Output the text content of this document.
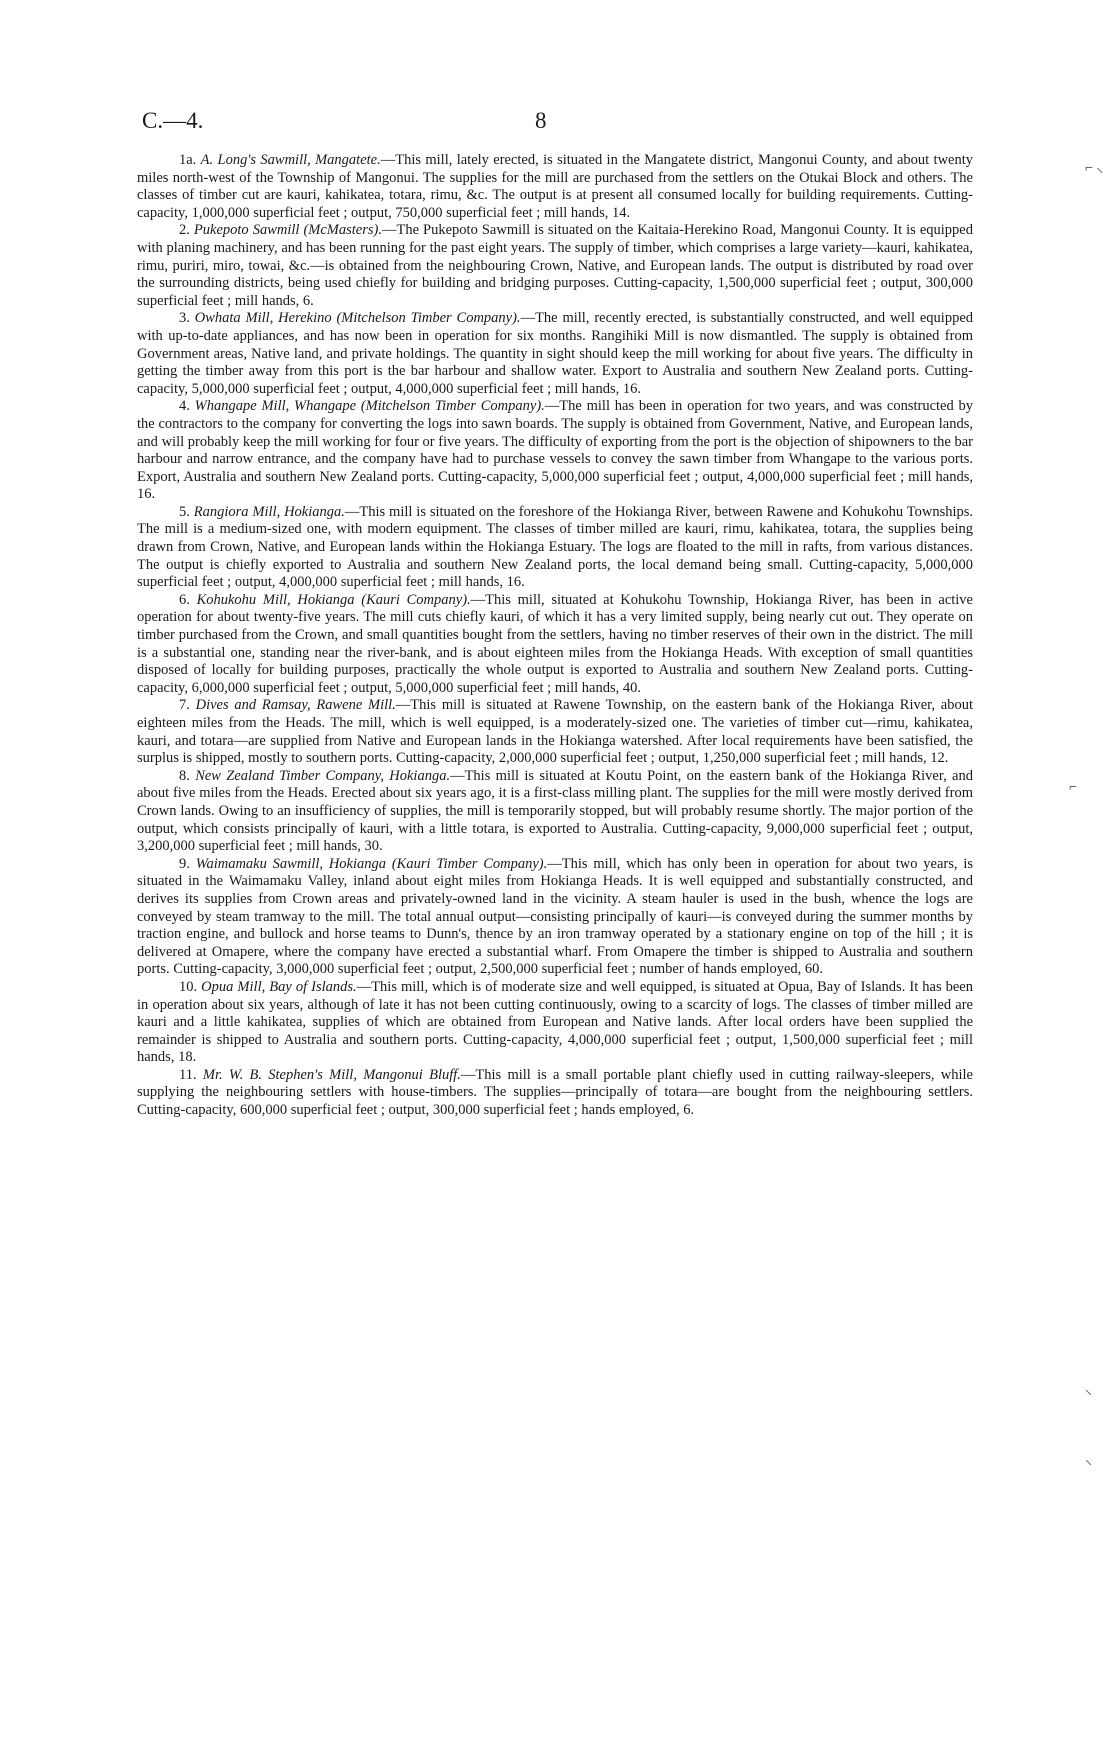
C.—4.	8

1a. A. Long's Sawmill, Mangatete.—This mill, lately erected, is situated in the Mangatete district, Mangonui County, and about twenty miles north-west of the Township of Mangonui. The supplies for the mill are purchased from the settlers on the Otukai Block and others. The classes of timber cut are kauri, kahikatea, totara, rimu, &c. The output is at present all consumed locally for building requirements. Cutting-capacity, 1,000,000 superficial feet ; output, 750,000 superficial feet ; mill hands, 14.

2. Pukepoto Sawmill (McMasters).—The Pukepoto Sawmill is situated on the Kaitaia-Herekino Road, Mangonui County. It is equipped with planing machinery, and has been running for the past eight years. The supply of timber, which comprises a large variety—kauri, kahikatea, rimu, puriri, miro, towai, &c.—is obtained from the neighbouring Crown, Native, and European lands. The output is distributed by road over the surrounding districts, being used chiefly for building and bridging purposes. Cutting-capacity, 1,500,000 superficial feet ; output, 300,000 superficial feet ; mill hands, 6.

3. Owhata Mill, Herekino (Mitchelson Timber Company).—The mill, recently erected, is substantially constructed, and well equipped with up-to-date appliances, and has now been in operation for six months. Rangihiki Mill is now dismantled. The supply is obtained from Government areas, Native land, and private holdings. The quantity in sight should keep the mill working for about five years. The difficulty in getting the timber away from this port is the bar harbour and shallow water. Export to Australia and southern New Zealand ports. Cutting-capacity, 5,000,000 superficial feet ; output, 4,000,000 superficial feet ; mill hands, 16.

4. Whangape Mill, Whangape (Mitchelson Timber Company).—The mill has been in operation for two years, and was constructed by the contractors to the company for converting the logs into sawn boards. The supply is obtained from Government, Native, and European lands, and will probably keep the mill working for four or five years. The difficulty of exporting from the port is the objection of shipowners to the bar harbour and narrow entrance, and the company have had to purchase vessels to convey the sawn timber from Whangape to the various ports. Export, Australia and southern New Zealand ports. Cutting-capacity, 5,000,000 superficial feet ; output, 4,000,000 superficial feet ; mill hands, 16.

5. Rangiora Mill, Hokianga.—This mill is situated on the foreshore of the Hokianga River, between Rawene and Kohukohu Townships. The mill is a medium-sized one, with modern equipment. The classes of timber milled are kauri, rimu, kahikatea, totara, the supplies being drawn from Crown, Native, and European lands within the Hokianga Estuary. The logs are floated to the mill in rafts, from various distances. The output is chiefly exported to Australia and southern New Zealand ports, the local demand being small. Cutting-capacity, 5,000,000 superficial feet ; output, 4,000,000 superficial feet ; mill hands, 16.

6. Kohukohu Mill, Hokianga (Kauri Company).—This mill, situated at Kohukohu Township, Hokianga River, has been in active operation for about twenty-five years. The mill cuts chiefly kauri, of which it has a very limited supply, being nearly cut out. They operate on timber purchased from the Crown, and small quantities bought from the settlers, having no timber reserves of their own in the district. The mill is a substantial one, standing near the river-bank, and is about eighteen miles from the Hokianga Heads. With exception of small quantities disposed of locally for building purposes, practically the whole output is exported to Australia and southern New Zealand ports. Cutting-capacity, 6,000,000 superficial feet ; output, 5,000,000 superficial feet ; mill hands, 40.

7. Dives and Ramsay, Rawene Mill.—This mill is situated at Rawene Township, on the eastern bank of the Hokianga River, about eighteen miles from the Heads. The mill, which is well equipped, is a moderately-sized one. The varieties of timber cut—rimu, kahikatea, kauri, and totara—are supplied from Native and European lands in the Hokianga watershed. After local requirements have been satisfied, the surplus is shipped, mostly to southern ports. Cutting-capacity, 2,000,000 superficial feet ; output, 1,250,000 superficial feet ; mill hands, 12.

8. New Zealand Timber Company, Hokianga.—This mill is situated at Koutu Point, on the eastern bank of the Hokianga River, and about five miles from the Heads. Erected about six years ago, it is a first-class milling plant. The supplies for the mill were mostly derived from Crown lands. Owing to an insufficiency of supplies, the mill is temporarily stopped, but will probably resume shortly. The major portion of the output, which consists principally of kauri, with a little totara, is exported to Australia. Cutting-capacity, 9,000,000 superficial feet ; output, 3,200,000 superficial feet ; mill hands, 30.

9. Waimamaku Sawmill, Hokianga (Kauri Timber Company).—This mill, which has only been in operation for about two years, is situated in the Waimamaku Valley, inland about eight miles from Hokianga Heads. It is well equipped and substantially constructed, and derives its supplies from Crown areas and privately-owned land in the vicinity. A steam hauler is used in the bush, whence the logs are conveyed by steam tramway to the mill. The total annual output—consisting principally of kauri—is conveyed during the summer months by traction engine, and bullock and horse teams to Dunn's, thence by an iron tramway operated by a stationary engine on top of the hill ; it is delivered at Omapere, where the company have erected a substantial wharf. From Omapere the timber is shipped to Australia and southern ports. Cutting-capacity, 3,000,000 superficial feet ; output, 2,500,000 superficial feet ; number of hands employed, 60.

10. Opua Mill, Bay of Islands.—This mill, which is of moderate size and well equipped, is situated at Opua, Bay of Islands. It has been in operation about six years, although of late it has not been cutting continuously, owing to a scarcity of logs. The classes of timber milled are kauri and a little kahikatea, supplies of which are obtained from European and Native lands. After local orders have been supplied the remainder is shipped to Australia and southern ports. Cutting-capacity, 4,000,000 superficial feet ; output, 1,500,000 superficial feet ; mill hands, 18.

11. Mr. W. B. Stephen's Mill, Mangonui Bluff.—This mill is a small portable plant chiefly used in cutting railway-sleepers, while supplying the neighbouring settlers with house-timbers. The supplies—principally of totara—are bought from the neighbouring settlers. Cutting-capacity, 600,000 superficial feet ; output, 300,000 superficial feet ; hands employed, 6.

⌐ ⸜
⌐
⸜
⸜
